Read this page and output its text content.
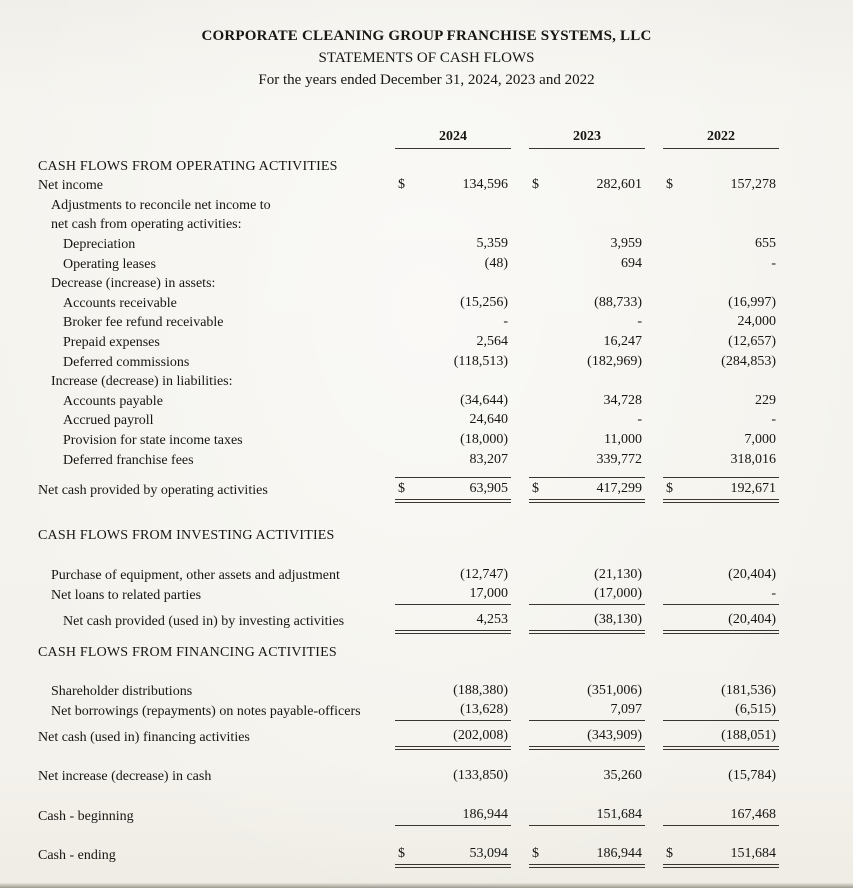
CORPORATE CLEANING GROUP FRANCHISE SYSTEMS, LLC
STATEMENTS OF CASH FLOWS
For the years ended December 31, 2024, 2023 and 2022
2024	2023	2022
CASH FLOWS FROM OPERATING ACTIVITIES
Net income	$	134,596 $	282,601 $	157,278
Adjustments to reconcile net income to
net cash from operating activities:
Depreciation	5,359	3,959	655
Operating leases	(48)	694	-
Decrease (increase) in assets:
Accounts receivable	(15,256)	(88,733)	(16,997)
Broker fee refund receivable	-	-	24,000
Prepaid expenses	2,564	16,247	(12,657)
Deferred commissions	(118,513)	(182,969)	(284,853)
Increase (decrease) in liabilities:
Accounts payable	(34,644)	34,728	229
Accrued payroll	24,640	-	-
Provision for state income taxes	(18,000)	11,000	7,000
Deferred franchise fees	83,207	339,772	318,016
Net cash provided by operating activities	$	63,905 $	417,299 $	192,671
CASH FLOWS FROM INVESTING ACTIVITIES
Purchase of equipment, other assets and adjustment	(12,747)	(21,130)	(20,404)
Net loans to related parties	17,000	(17,000)	-
Net cash provided (used in) by investing activities	4,253	(38,130)	(20,404)
CASH FLOWS FROM FINANCING ACTIVITIES
Shareholder distributions	(188,380)	(351,006)	(181,536)
Net borrowings (repayments) on notes payable-officers	(13,628)	7,097	(6,515)
Net cash (used in) financing activities	(202,008)	(343,909)	(188,051)
Net increase (decrease) in cash	(133,850)	35,260	(15,784)
Cash - beginning	186,944	151,684	167,468
Cash - ending	$	53,094 $	186,944 $	151,684
